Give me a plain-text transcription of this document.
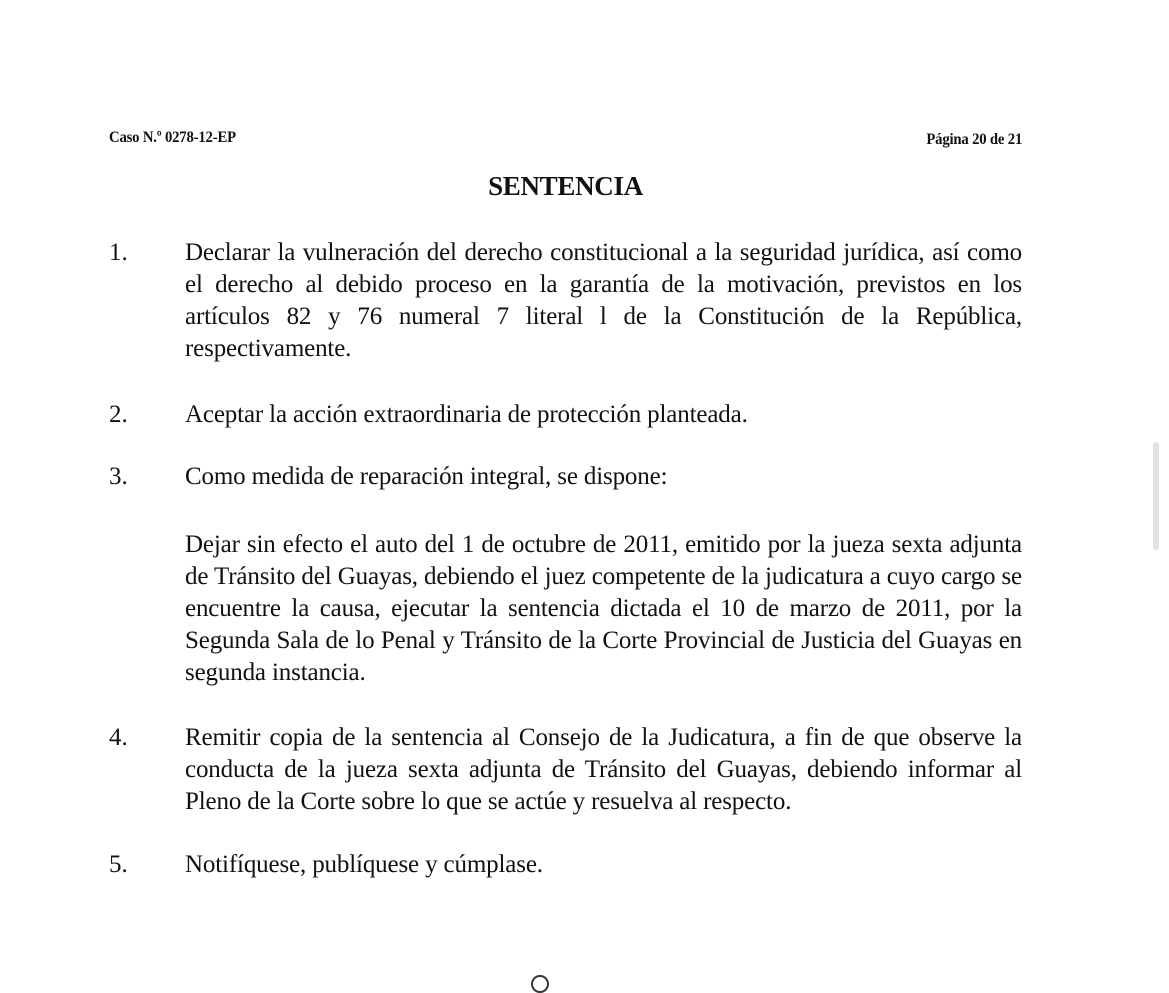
Caso N.º 0278-12-EP	Página 20 de 21
SENTENCIA
1. Declarar la vulneración del derecho constitucional a la seguridad jurídica, así como el derecho al debido proceso en la garantía de la motivación, previstos en los artículos 82 y 76 numeral 7 literal l de la Constitución de la República, respectivamente.
2. Aceptar la acción extraordinaria de protección planteada.
3. Como medida de reparación integral, se dispone:
Dejar sin efecto el auto del 1 de octubre de 2011, emitido por la jueza sexta adjunta de Tránsito del Guayas, debiendo el juez competente de la judicatura a cuyo cargo se encuentre la causa, ejecutar la sentencia dictada el 10 de marzo de 2011, por la Segunda Sala de lo Penal y Tránsito de la Corte Provincial de Justicia del Guayas en segunda instancia.
4. Remitir copia de la sentencia al Consejo de la Judicatura, a fin de que observe la conducta de la jueza sexta adjunta de Tránsito del Guayas, debiendo informar al Pleno de la Corte sobre lo que se actúe y resuelva al respecto.
5. Notifíquese, publíquese y cúmplase.
